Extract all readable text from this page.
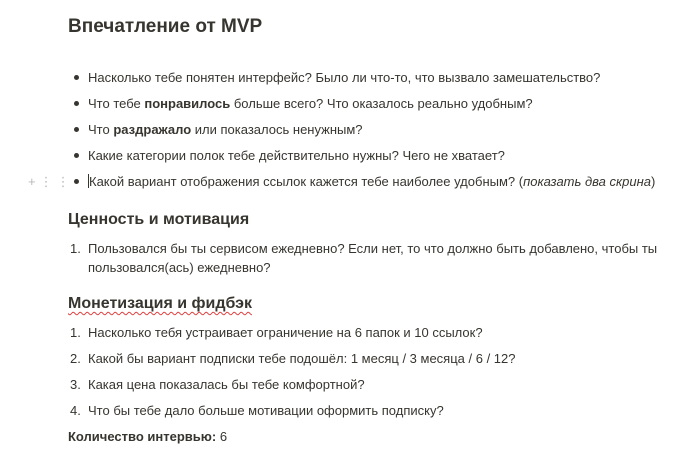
Впечатление от MVP
Насколько тебе понятен интерфейс? Было ли что-то, что вызвало замешательство?
Что тебе понравилось больше всего? Что оказалось реально удобным?
Что раздражало или показалось ненужным?
Какие категории полок тебе действительно нужны? Чего не хватает?
+⋮⋮ Какой вариант отображения ссылок кажется тебе наиболее удобным? (показать два скрина)
Ценность и мотивация
1. Пользовался бы ты сервисом ежедневно? Если нет, то что должно быть добавлено, чтобы ты пользовался(ась) ежедневно?
Монетизация и фидбэк
1. Насколько тебя устраивает ограничение на 6 папок и 10 ссылок?
2. Какой бы вариант подписки тебе подошёл: 1 месяц / 3 месяца / 6 / 12?
3. Какая цена показалась бы тебе комфортной?
4. Что бы тебе дало больше мотивации оформить подписку?

Количество интервью: 6
